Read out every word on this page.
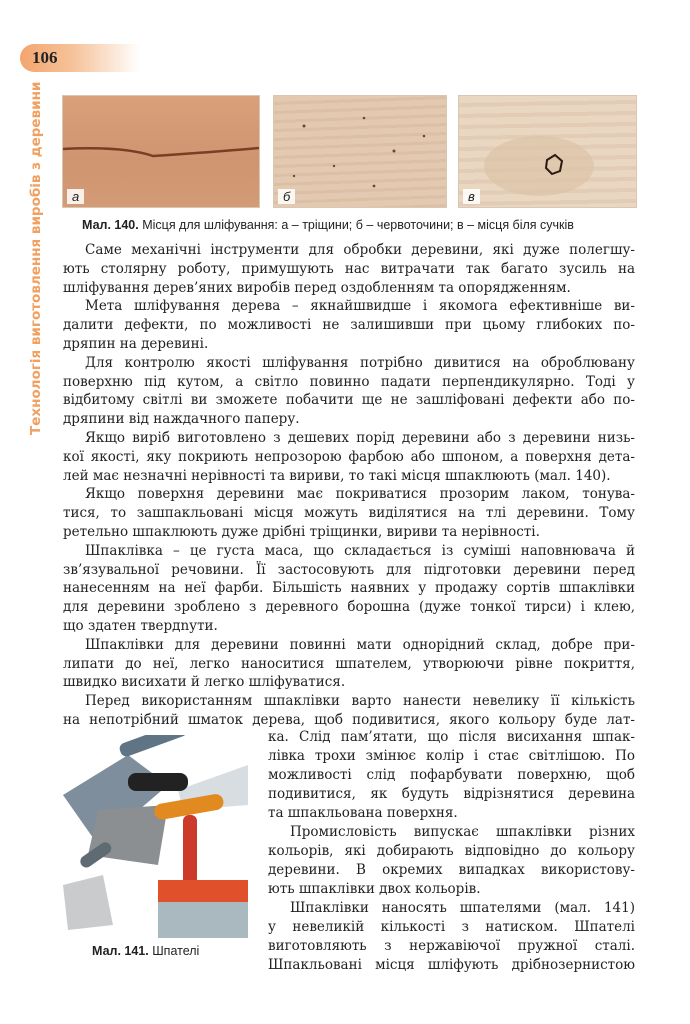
106
Технологія виготовлення виробів з деревини	а	б	в
Мал. 140. Місця для шліфування: а – тріщини; б – червоточини; в – місця біля сучків
Саме механічні інструменти для обробки деревини, які дуже полегшу-
ють столярну роботу, примушують нас витрачати так багато зусиль на
шліфування дерев’яних виробів перед оздобленням та опорядженням.
Мета шліфування дерева – якнайшвидше і якомога ефективніше ви-
далити дефекти, по можливості не залишивши при цьому глибоких по-
дряпин на деревині.
Для контролю якості шліфування потрібно дивитися на оброблювану
поверхню під кутом, а світло повинно падати перпендикулярно. Тоді у
відбитому світлі ви зможете побачити ще не зашліфовані дефекти або по-
дряпини від наждачного паперу.
Якщо виріб виготовлено з дешевих порід деревини або з деревини низь-
кої якості, яку покриють непрозорою фарбою або шпоном, а поверхня дета-
лей має незначні нерівності та вириви, то такі місця шпаклюють (мал. 140).
Якщо поверхня деревини має покриватися прозорим лаком, тонува-
тися, то зашпакльовані місця можуть виділятися на тлі деревини. Тому
ретельно шпаклюють дуже дрібні тріщинки, вириви та нерівності.
Шпаклівка – це густа маса, що складається із суміші наповнювача й
зв’язувальної речовини. Її застосовують для підготовки деревини перед
нанесенням на неї фарби. Більшість наявних у продажу сортів шпаклівки
для деревини зроблено з деревного борошна (дуже тонкої тирси) і клею,
що здатен твердnути.
Шпаклівки для деревини повинні мати однорідний склад, добре при-
липати до неї, легко наноситися шпателем, утворюючи рівне покриття,
швидко висихати й легко шліфуватися.
Перед використанням шпаклівки варто нанести невелику її кількість
на непотрібний шматок дерева, щоб подивитися, якого кольору буде лат-
ка. Слід пам’ятати, що після висихання шпак-
лівка трохи змінює колір і стає світлішою. По
можливості слід пофарбувати поверхню, щоб
подивитися, як будуть відрізнятися деревина
та шпакльована поверхня.
Промисловість випускає шпаклівки різних
кольорів, які добирають відповідно до кольору
деревини. В окремих випадках використову-
ють шпаклівки двох кольорів.
Шпаклівки наносять шпателями (мал. 141)
у невеликій кількості з натиском. Шпателі
виготовляють з нержавіючої пружної сталі.
Шпакльовані місця шліфують дрібнозернистою
Мал. 141. Шпателі
